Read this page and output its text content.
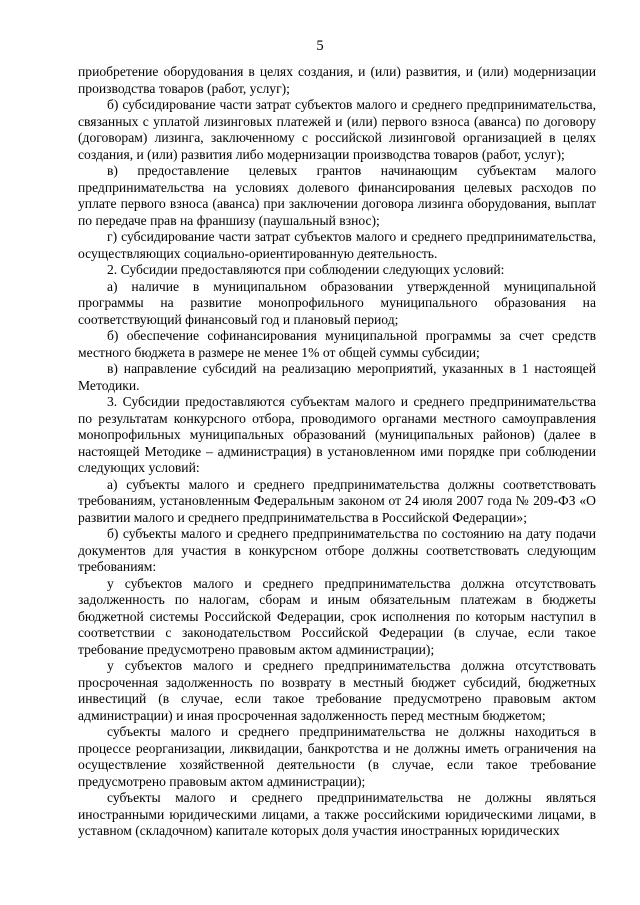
5

приобретение оборудования в целях создания, и (или) развития, и (или) модернизации производства товаров (работ, услуг);

б) субсидирование части затрат субъектов малого и среднего предпринимательства, связанных с уплатой лизинговых платежей и (или) первого взноса (аванса) по договору (договорам) лизинга, заключенному с российской лизинговой организацией в целях создания, и (или) развития либо модернизации производства товаров (работ, услуг);

в) предоставление целевых грантов начинающим субъектам малого предпринимательства на условиях долевого финансирования целевых расходов по уплате первого взноса (аванса) при заключении договора лизинга оборудования, выплат по передаче прав на франшизу (паушальный взнос);

г) субсидирование части затрат субъектов малого и среднего предпринимательства, осуществляющих социально-ориентированную деятельность.

2. Субсидии предоставляются при соблюдении следующих условий:

а) наличие в муниципальном образовании утвержденной муниципальной программы на развитие монопрофильного муниципального образования на соответствующий финансовый год и плановый период;

б) обеспечение софинансирования муниципальной программы за счет средств местного бюджета в размере не менее 1% от общей суммы субсидии;

в) направление субсидий на реализацию мероприятий, указанных в 1 настоящей Методики.

3. Субсидии предоставляются субъектам малого и среднего предпринимательства по результатам конкурсного отбора, проводимого органами местного самоуправления монопрофильных муниципальных образований (муниципальных районов) (далее в настоящей Методике – администрация) в установленном ими порядке при соблюдении следующих условий:

а) субъекты малого и среднего предпринимательства должны соответствовать требованиям, установленным Федеральным законом от 24 июля 2007 года № 209-ФЗ «О развитии малого и среднего предпринимательства в Российской Федерации»;

б) субъекты малого и среднего предпринимательства по состоянию на дату подачи документов для участия в конкурсном отборе должны соответствовать следующим требованиям:

у субъектов малого и среднего предпринимательства должна отсутствовать задолженность по налогам, сборам и иным обязательным платежам в бюджеты бюджетной системы Российской Федерации, срок исполнения по которым наступил в соответствии с законодательством Российской Федерации (в случае, если такое требование предусмотрено правовым актом администрации);

у субъектов малого и среднего предпринимательства должна отсутствовать просроченная задолженность по возврату в местный бюджет субсидий, бюджетных инвестиций (в случае, если такое требование предусмотрено правовым актом администрации) и иная просроченная задолженность перед местным бюджетом;

субъекты малого и среднего предпринимательства не должны находиться в процессе реорганизации, ликвидации, банкротства и не должны иметь ограничения на осуществление хозяйственной деятельности (в случае, если такое требование предусмотрено правовым актом администрации);

субъекты малого и среднего предпринимательства не должны являться иностранными юридическими лицами, а также российскими юридическими лицами, в уставном (складочном) капитале которых доля участия иностранных юридических
